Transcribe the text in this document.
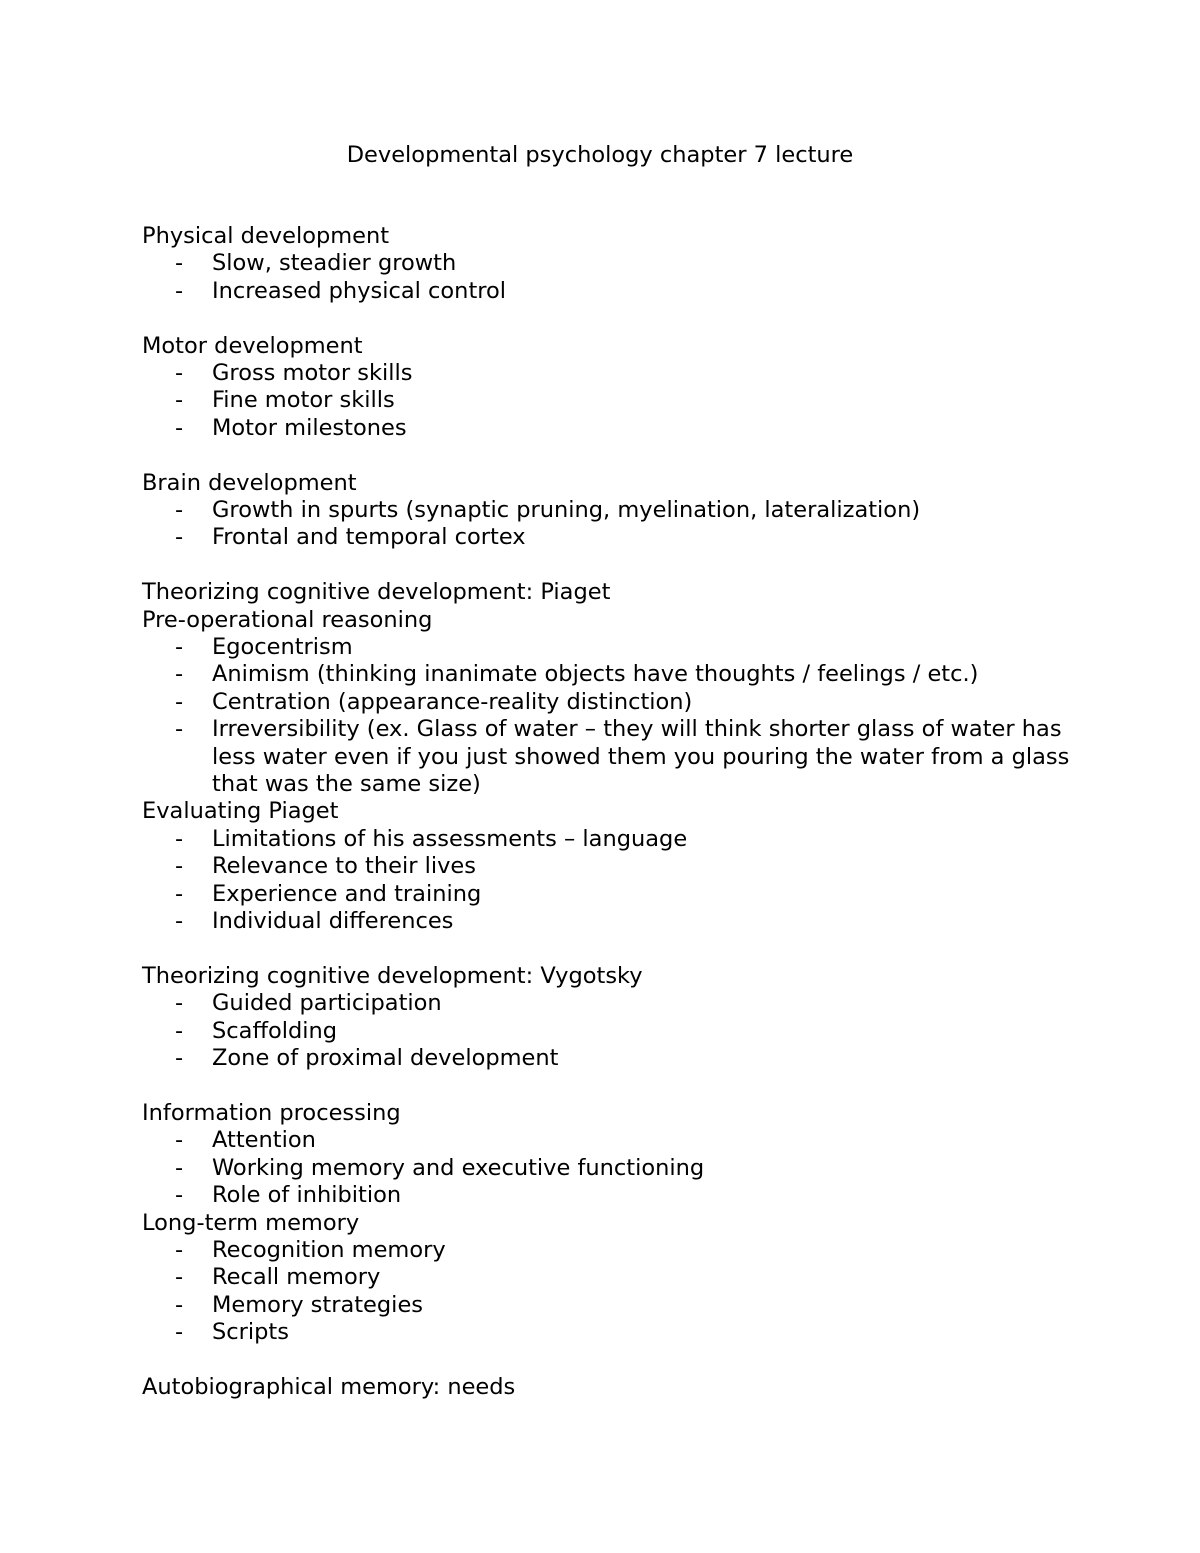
Developmental psychology chapter 7 lecture
Physical development
- Slow, steadier growth
- Increased physical control
Motor development
- Gross motor skills
- Fine motor skills
- Motor milestones
Brain development
- Growth in spurts (synaptic pruning, myelination, lateralization)
- Frontal and temporal cortex
Theorizing cognitive development: Piaget
Pre-operational reasoning
- Egocentrism
- Animism (thinking inanimate objects have thoughts / feelings / etc.)
- Centration (appearance-reality distinction)
- Irreversibility (ex. Glass of water – they will think shorter glass of water has less water even if you just showed them you pouring the water from a glass that was the same size)
Evaluating Piaget
- Limitations of his assessments – language
- Relevance to their lives
- Experience and training
- Individual differences
Theorizing cognitive development: Vygotsky
- Guided participation
- Scaffolding
- Zone of proximal development
Information processing
- Attention
- Working memory and executive functioning
- Role of inhibition
Long-term memory
- Recognition memory
- Recall memory
- Memory strategies
- Scripts
Autobiographical memory: needs
